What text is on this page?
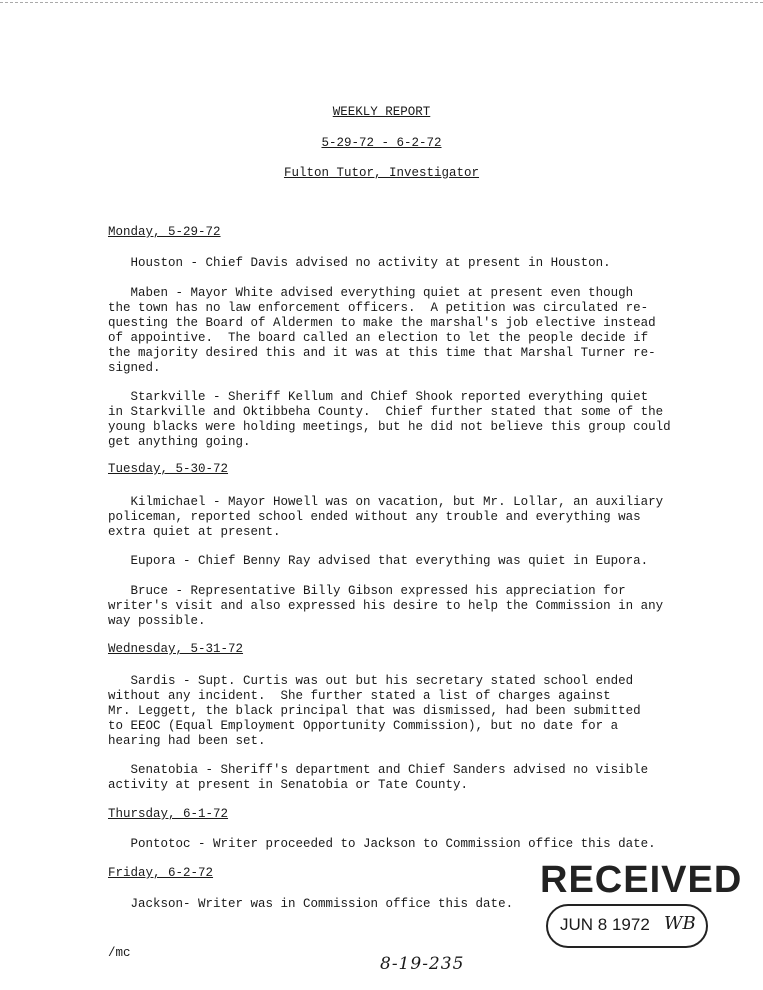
WEEKLY REPORT
5-29-72 - 6-2-72
Fulton Tutor, Investigator
Monday, 5-29-72
Houston - Chief Davis advised no activity at present in Houston.
Maben - Mayor White advised everything quiet at present even though
the town has no law enforcement officers.  A petition was circulated re-
questing the Board of Aldermen to make the marshal's job elective instead
of appointive.  The board called an election to let the people decide if
the majority desired this and it was at this time that Marshal Turner re-
signed.
Starkville - Sheriff Kellum and Chief Shook reported everything quiet
in Starkville and Oktibbeha County.  Chief further stated that some of the
young blacks were holding meetings, but he did not believe this group could
get anything going.
Tuesday, 5-30-72
Kilmichael - Mayor Howell was on vacation, but Mr. Lollar, an auxiliary
policeman, reported school ended without any trouble and everything was
extra quiet at present.
Eupora - Chief Benny Ray advised that everything was quiet in Eupora.
Bruce - Representative Billy Gibson expressed his appreciation for
writer's visit and also expressed his desire to help the Commission in any
way possible.
Wednesday, 5-31-72
Sardis - Supt. Curtis was out but his secretary stated school ended
without any incident.  She further stated a list of charges against
Mr. Leggett, the black principal that was dismissed, had been submitted
to EEOC (Equal Employment Opportunity Commission), but no date for a
hearing had been set.
Senatobia - Sheriff's department and Chief Sanders advised no visible
activity at present in Senatobia or Tate County.
Thursday, 6-1-72
Pontotoc - Writer proceeded to Jackson to Commission office this date.
Friday, 6-2-72
Jackson- Writer was in Commission office this date.
RECEIVED
JUN 8 1972 WB
/mc
8-19-235
